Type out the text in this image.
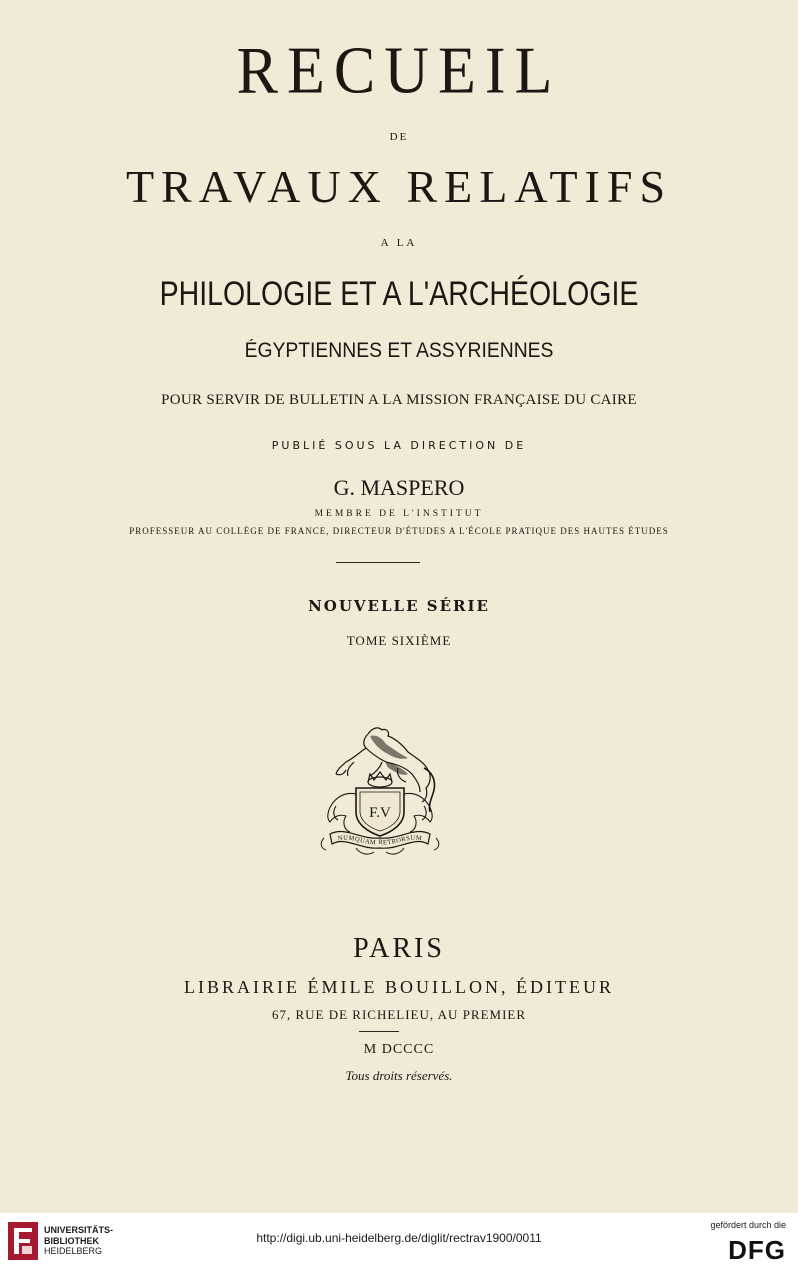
RECUEIL
DE
TRAVAUX RELATIFS
A LA
PHILOLOGIE ET A L'ARCHÉOLOGIE
ÉGYPTIENNES ET ASSYRIENNES
POUR SERVIR DE BULLETIN A LA MISSION FRANÇAISE DU CAIRE
PUBLIÉ SOUS LA DIRECTION DE
G. MASPERO
MEMBRE DE L'INSTITUT
PROFESSEUR AU COLLÈGE DE FRANCE, DIRECTEUR D'ÉTUDES A L'ÉCOLE PRATIQUE DES HAUTES ÉTUDES
NOUVELLE SÉRIE
TOME SIXIÈME
F.V
NUMQUAM RETRORSUM
PARIS
LIBRAIRIE ÉMILE BOUILLON, ÉDITEUR
67, RUE DE RICHELIEU, AU PREMIER
M DCCCC
Tous droits réservés.
UNIVERSITÄTS-
BIBLIOTHEK
HEIDELBERG
http://digi.ub.uni-heidelberg.de/diglit/rectrav1900/0011
gefördert durch die
DFG
